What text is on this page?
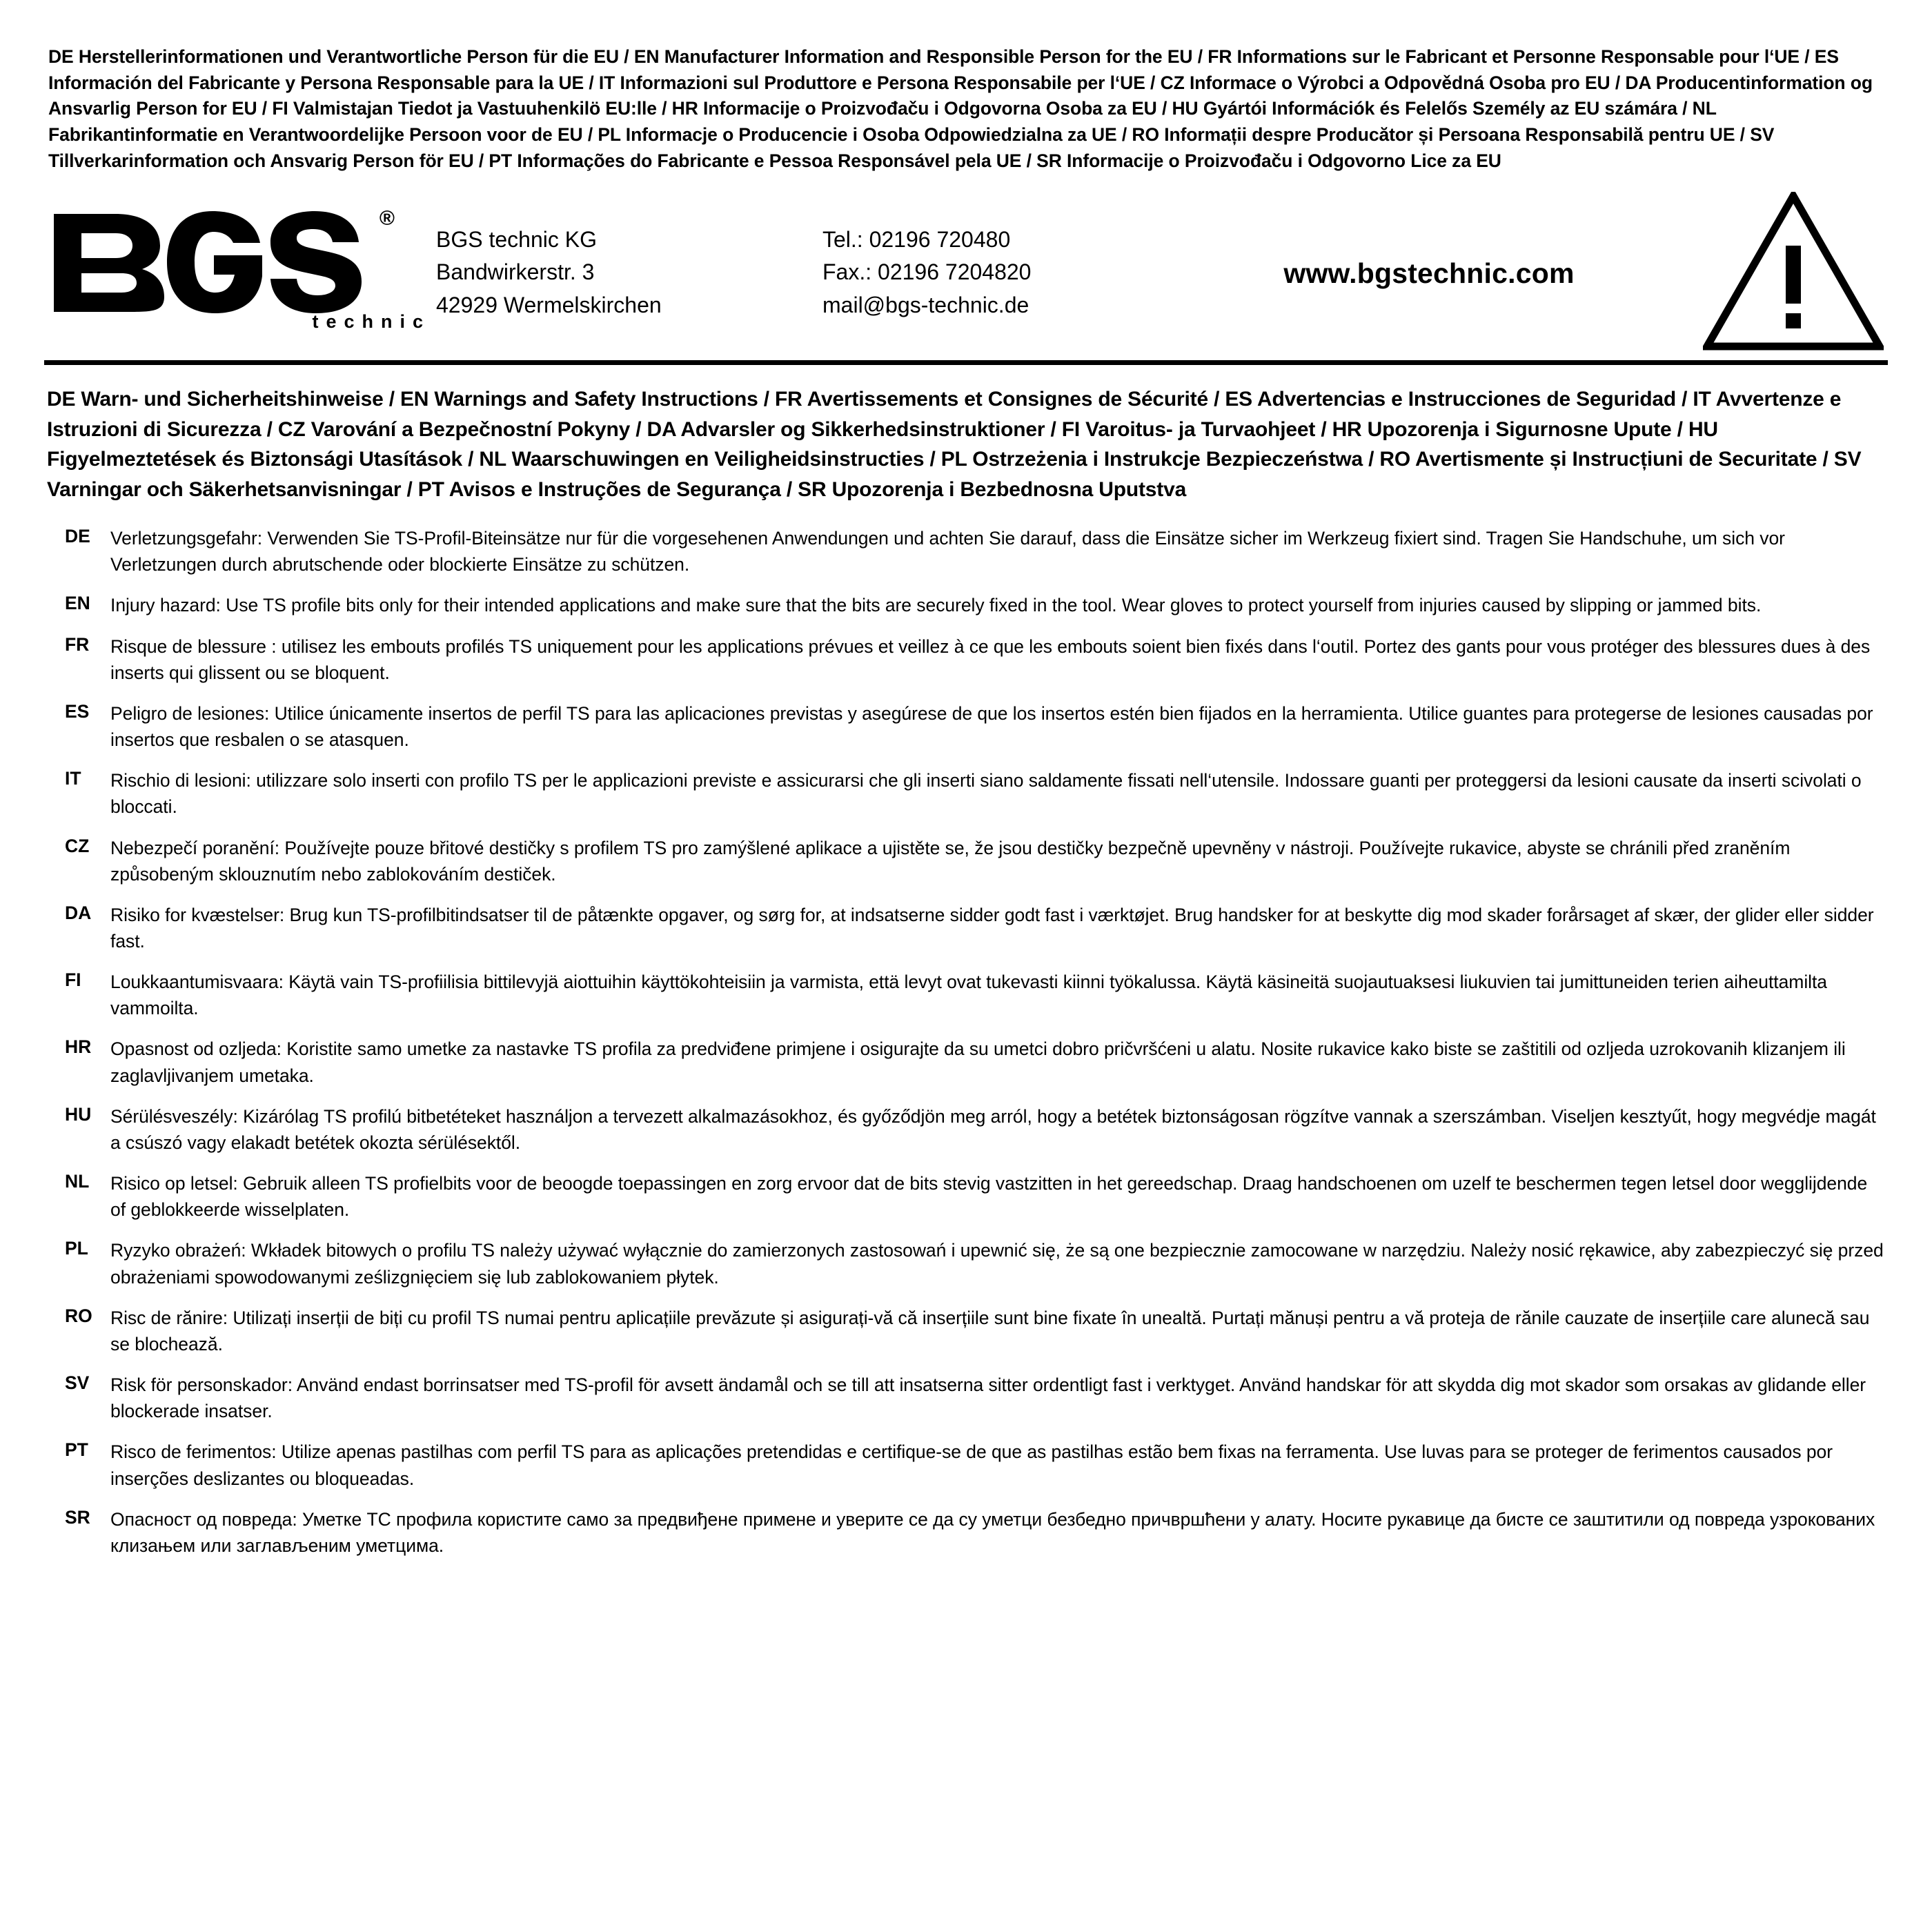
DE Herstellerinformationen und Verantwortliche Person für die EU / EN Manufacturer Information and Responsible Person for the EU / FR Informations sur le Fabricant et Personne Responsable pour l‘UE / ES Información del Fabricante y Persona Responsable para la UE / IT Informazioni sul Produttore e Persona Responsabile per l‘UE / CZ Informace o Výrobci a Odpovědná Osoba pro EU / DA Producentinformation og Ansvarlig Person for EU / FI Valmistajan Tiedot ja Vastuuhenkilö EU:lle / HR Informacije o Proizvođaču i Odgovorna Osoba za EU / HU Gyártói Információk és Felelős Személy az EU számára / NL Fabrikantinformatie en Verantwoordelijke Persoon voor de EU / PL Informacje o Producencie i Osoba Odpowiedzialna za UE / RO Informații despre Producător și Persoana Responsabilă pentru UE / SV Tillverkarinformation och Ansvarig Person för EU / PT Informações do Fabricante e Pessoa Responsável pela UE / SR Informacije o Proizvođaču i Odgovorno Lice za EU
®
technic
BGS technic KG
Bandwirkerstr. 3
42929 Wermelskirchen
Tel.: 02196 720480
Fax.: 02196 7204820
mail@bgs-technic.de
www.bgstechnic.com
DE Warn- und Sicherheitshinweise / EN Warnings and Safety Instructions / FR Avertissements et Consignes de Sécurité / ES Advertencias e Instrucciones de Seguridad / IT Avvertenze e Istruzioni di Sicurezza / CZ Varování a Bezpečnostní Pokyny / DA Advarsler og Sikkerhedsinstruktioner / FI Varoitus- ja Turvaohjeet / HR Upozorenja i Sigurnosne Upute / HU Figyelmeztetések és Biztonsági Utasítások / NL Waarschuwingen en Veiligheidsinstructies / PL Ostrzeżenia i Instrukcje Bezpieczeństwa / RO Avertismente și Instrucțiuni de Securitate / SV Varningar och Säkerhetsanvisningar / PT Avisos e Instruções de Segurança / SR Upozorenja i Bezbednosna Uputstva
DE	Verletzungsgefahr: Verwenden Sie TS-Profil-Biteinsätze nur für die vorgesehenen Anwendungen und achten Sie darauf, dass die Einsätze sicher im Werkzeug fixiert sind. Tragen Sie Handschuhe, um sich vor Verletzungen durch abrutschende oder blockierte Einsätze zu schützen.
EN	Injury hazard: Use TS profile bits only for their intended applications and make sure that the bits are securely fixed in the tool. Wear gloves to protect yourself from injuries caused by slipping or jammed bits.
FR	Risque de blessure : utilisez les embouts profilés TS uniquement pour les applications prévues et veillez à ce que les embouts soient bien fixés dans l‘outil. Portez des gants pour vous protéger des blessures dues à des inserts qui glissent ou se bloquent.
ES	Peligro de lesiones: Utilice únicamente insertos de perfil TS para las aplicaciones previstas y asegúrese de que los insertos estén bien fijados en la herramienta. Utilice guantes para protegerse de lesiones causadas por insertos que resbalen o se atasquen.
IT	Rischio di lesioni: utilizzare solo inserti con profilo TS per le applicazioni previste e assicurarsi che gli inserti siano saldamente fissati nell‘utensile. Indossare guanti per proteggersi da lesioni causate da inserti scivolati o bloccati.
CZ	Nebezpečí poranění: Používejte pouze břitové destičky s profilem TS pro zamýšlené aplikace a ujistěte se, že jsou destičky bezpečně upevněny v nástroji. Používejte rukavice, abyste se chránili před zraněním způsobeným sklouznutím nebo zablokováním destiček.
DA	Risiko for kvæstelser: Brug kun TS-profilbitindsatser til de påtænkte opgaver, og sørg for, at indsatserne sidder godt fast i værktøjet. Brug handsker for at beskytte dig mod skader forårsaget af skær, der glider eller sidder fast.
FI	Loukkaantumisvaara: Käytä vain TS-profiilisia bittilevyjä aiottuihin käyttökohteisiin ja varmista, että levyt ovat tukevasti kiinni työkalussa. Käytä käsineitä suojautuaksesi liukuvien tai jumittuneiden terien aiheuttamilta vammoilta.
HR	Opasnost od ozljeda: Koristite samo umetke za nastavke TS profila za predviđene primjene i osigurajte da su umetci dobro pričvršćeni u alatu. Nosite rukavice kako biste se zaštitili od ozljeda uzrokovanih klizanjem ili zaglavljivanjem umetaka.
HU	Sérülésveszély: Kizárólag TS profilú bitbetéteket használjon a tervezett alkalmazásokhoz, és győződjön meg arról, hogy a betétek biztonságosan rögzítve vannak a szerszámban. Viseljen kesztyűt, hogy megvédje magát a csúszó vagy elakadt betétek okozta sérülésektől.
NL	Risico op letsel: Gebruik alleen TS profielbits voor de beoogde toepassingen en zorg ervoor dat de bits stevig vastzitten in het gereedschap. Draag handschoenen om uzelf te beschermen tegen letsel door wegglijdende of geblokkeerde wisselplaten.
PL	Ryzyko obrażeń: Wkładek bitowych o profilu TS należy używać wyłącznie do zamierzonych zastosowań i upewnić się, że są one bezpiecznie zamocowane w narzędziu. Należy nosić rękawice, aby zabezpieczyć się przed obrażeniami spowodowanymi ześlizgnięciem się lub zablokowaniem płytek.
RO Risc de rănire: Utilizați inserții de biți cu profil TS numai pentru aplicațiile prevăzute și asigurați-vă că inserțiile sunt bine fixate în unealtă. Purtați mănuși pentru a vă proteja de rănile cauzate de inserțiile care alunecă sau se blochează.
SV	Risk för personskador: Använd endast borrinsatser med TS-profil för avsett ändamål och se till att insatserna sitter ordentligt fast i verktyget. Använd handskar för att skydda dig mot skador som orsakas av glidande eller blockerade insatser.
PT	Risco de ferimentos: Utilize apenas pastilhas com perfil TS para as aplicações pretendidas e certifique-se de que as pastilhas estão bem fixas na ferramenta. Use luvas para se proteger de ferimentos causados por inserções deslizantes ou bloqueadas.
SR	Опасност од повреда: Уметке ТС профила користите само за предвиђене примене и уверите се да су уметци безбедно причвршћени у алату. Носите рукавице да бисте се заштитили од повреда узрокованих клизањем или заглављеним уметцима.
